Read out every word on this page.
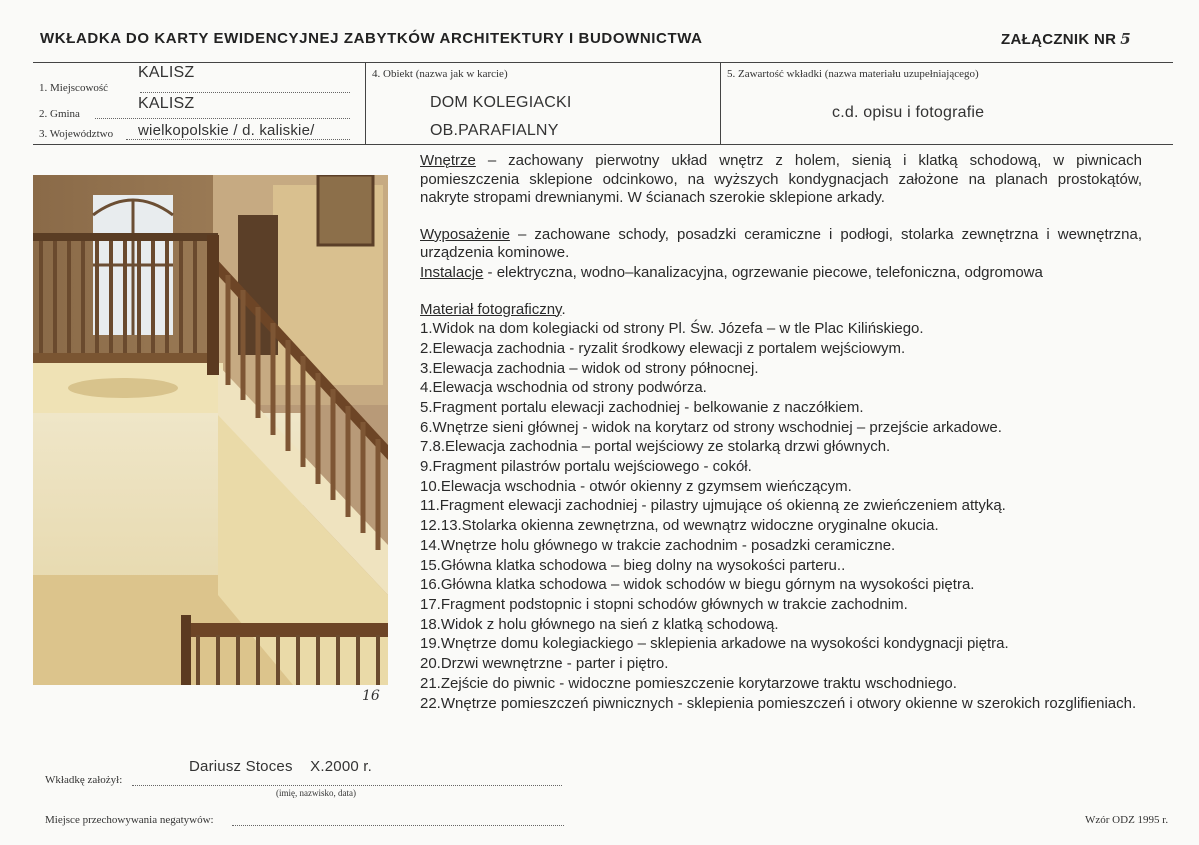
WKŁADKA DO KARTY EWIDENCYJNEJ ZABYTKÓW ARCHITEKTURY I BUDOWNICTWA	ZAŁĄCZNIK NR 5
KALISZ
1. Miejscowość
KALISZ
2. Gmina
3. Województwo wielkopolskie / d. kaliskie/
4. Obiekt (nazwa jak w karcie)
DOM KOLEGIACKI
OB.PARAFIALNY
5. Zawartość wkładki (nazwa materiału uzupełniającego)
c.d. opisu i fotografie
16

Wnętrze – zachowany pierwotny układ wnętrz z holem, sienią i klatką schodową, w piwnicach pomieszczenia sklepione odcinkowo, na wyższych kondygnacjach założone na planach prostokątów, nakryte stropami drewnianymi. W ścianach szerokie sklepione arkady.

Wyposażenie – zachowane schody, posadzki ceramiczne i podłogi, stolarka zewnętrzna i wewnętrzna, urządzenia kominowe.

Instalacje - elektryczna, wodno–kanalizacyjna, ogrzewanie piecowe, telefoniczna, odgromowa

Materiał fotograficzny.

1.Widok na dom kolegiacki od strony Pl. Św. Józefa – w tle Plac Kilińskiego.
2.Elewacja zachodnia - ryzalit środkowy elewacji z portalem wejściowym.
3.Elewacja zachodnia – widok od strony północnej.
4.Elewacja wschodnia od strony podwórza.
5.Fragment portalu elewacji zachodniej - belkowanie z naczółkiem.
6.Wnętrze sieni głównej - widok na korytarz od strony wschodniej – przejście arkadowe.
7.8.Elewacja zachodnia – portal wejściowy ze stolarką drzwi głównych.
9.Fragment pilastrów portalu wejściowego - cokół.
10.Elewacja wschodnia - otwór okienny z gzymsem wieńczącym.
11.Fragment elewacji zachodniej - pilastry ujmujące oś okienną ze zwieńczeniem attyką.
12.13.Stolarka okienna zewnętrzna, od wewnątrz widoczne oryginalne okucia.
14.Wnętrze holu głównego w trakcie zachodnim - posadzki ceramiczne.
15.Główna klatka schodowa – bieg dolny na wysokości parteru..
16.Główna klatka schodowa – widok schodów w biegu górnym na wysokości piętra.
17.Fragment podstopnic i stopni schodów głównych w trakcie zachodnim.
18.Widok z holu głównego na sień z klatką schodową.
19.Wnętrze domu kolegiackiego – sklepienia arkadowe na wysokości kondygnacji piętra.
20.Drzwi wewnętrzne - parter i piętro.
21.Zejście do piwnic - widoczne pomieszczenie korytarzowe traktu wschodniego.
22.Wnętrze pomieszczeń piwnicznych - sklepienia pomieszczeń i otwory okienne w szerokich rozglifieniach.
Dariusz Stoces X.2000 r.
Wkładkę założył:
(imię, nazwisko, data)
Miejsce przechowywania negatywów:	Wzór ODZ 1995 r.
